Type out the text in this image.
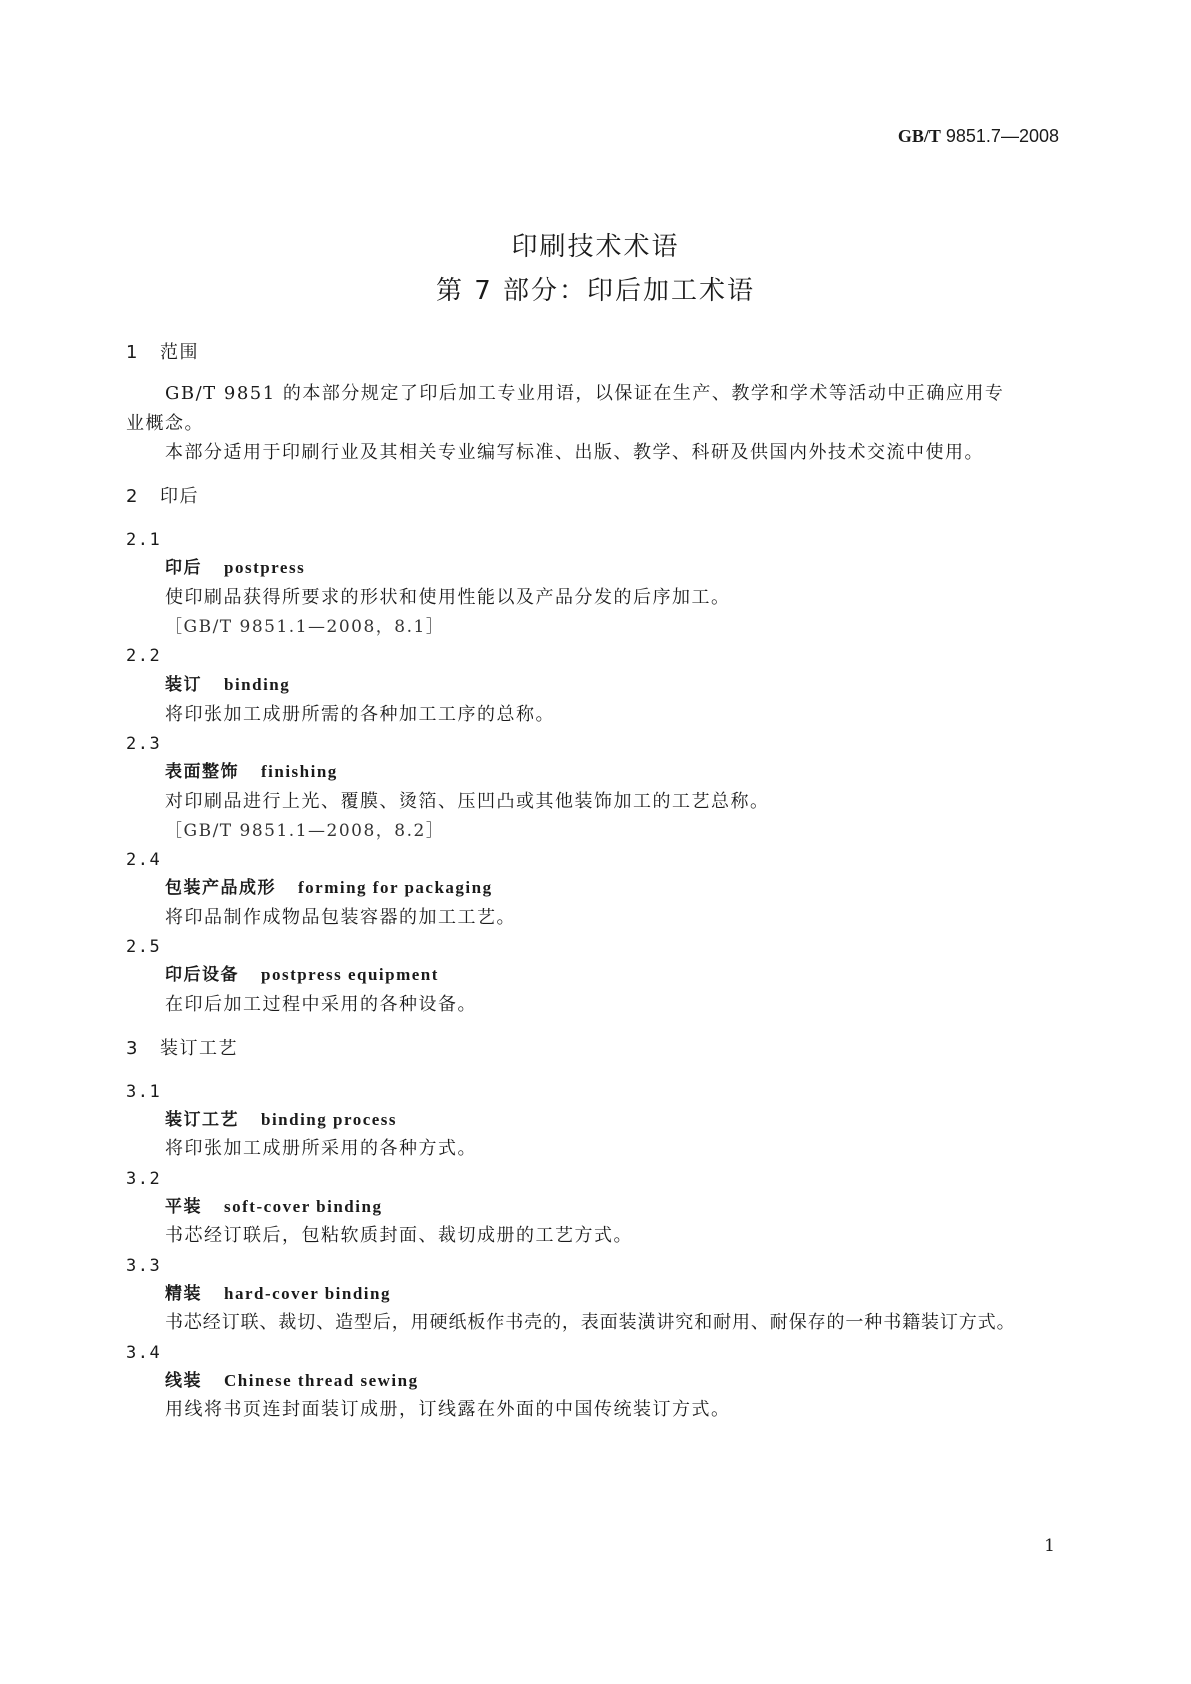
GB/T 9851.7—2008
印刷技术术语
第 7 部分：印后加工术语
1 范围
GB/T 9851 的本部分规定了印后加工专业用语，以保证在生产、教学和学术等活动中正确应用专
业概念。
本部分适用于印刷行业及其相关专业编写标准、出版、教学、科研及供国内外技术交流中使用。
2 印后
2.1
印后 postpress
使印刷品获得所要求的形状和使用性能以及产品分发的后序加工。
［GB/T 9851.1—2008，8.1］
2.2
装订 binding
将印张加工成册所需的各种加工工序的总称。
2.3
表面整饰 finishing
对印刷品进行上光、覆膜、烫箔、压凹凸或其他装饰加工的工艺总称。
［GB/T 9851.1—2008，8.2］
2.4
包装产品成形 forming for packaging
将印品制作成物品包装容器的加工工艺。
2.5
印后设备 postpress equipment
在印后加工过程中采用的各种设备。
3 装订工艺
3.1
装订工艺 binding process
将印张加工成册所采用的各种方式。
3.2
平装 soft-cover binding
书芯经订联后，包粘软质封面、裁切成册的工艺方式。
3.3
精装 hard-cover binding
书芯经订联、裁切、造型后，用硬纸板作书壳的，表面装潢讲究和耐用、耐保存的一种书籍装订方式。
3.4
线装 Chinese thread sewing
用线将书页连封面装订成册，订线露在外面的中国传统装订方式。
1
